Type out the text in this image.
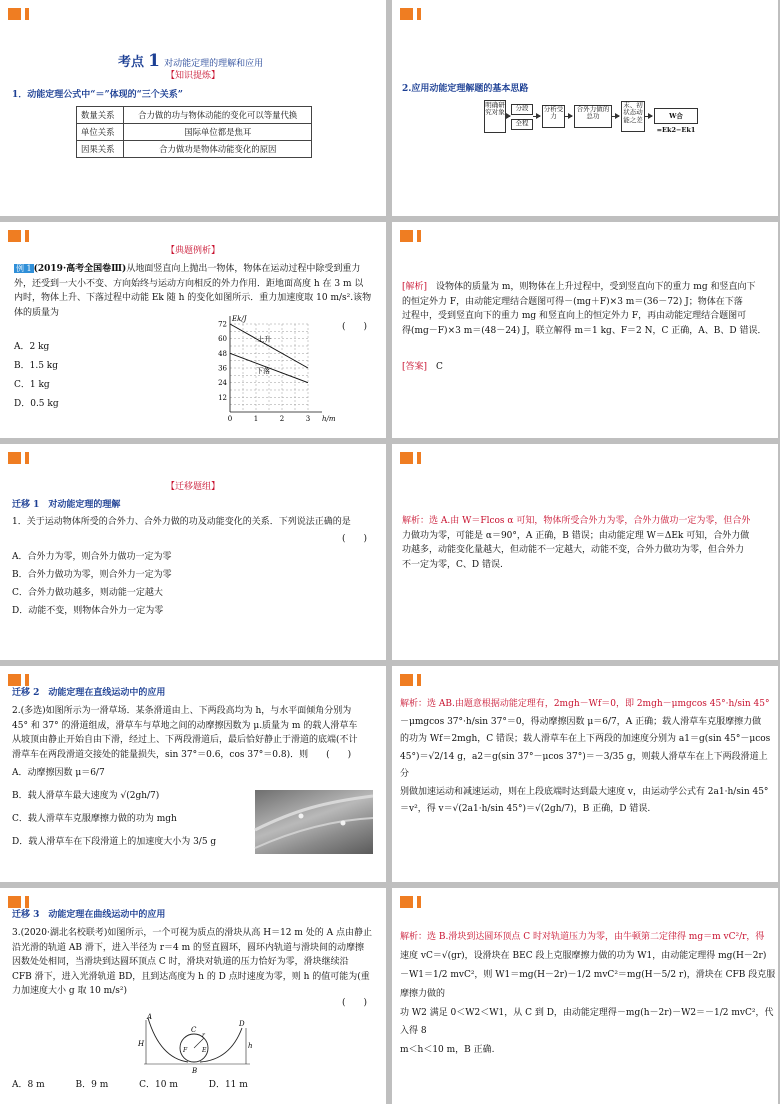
考点 1 对动能定理的理解和应用
【知识提炼】
1．动能定理公式中“＝”体现的“三个关系”
数量关系	合力做的功与物体动能的变化可以等量代换
单位关系	国际单位都是焦耳
因果关系	合力做功是物体动能变化的原因
2.应用动能定理解题的基本思路
明确研究对象
分段
全程
分析受力
合外力做的总功
末、初状态动能之差	W合=Ek2−Ek1
【典题例析】
例 1 (2019·高考全国卷Ⅲ)从地面竖直向上抛出一物体，物体在运动过程中除受到重力
外，还受到一大小不变、方向始终与运动方向相反的外力作用．距地面高度 h 在 3 m 以
内时，物体上升、下落过程中动能 Ek 随 h 的变化如图所示．重力加速度取 10 m/s².该物
体的质量为
(　　)
A．2 kg
B．1.5 kg
C．1 kg
D．0.5 kg
72
60
48
36
24
12
0	1	2	3
Ek/J
h/m
上升
下落
[解析]　 设物体的质量为 m，则物体在上升过程中，受到竖直向下的重力 mg 和竖直向下
的恒定外力 F，由动能定理结合题图可得－(mg＋F)×3 m＝(36－72) J；物体在下落
过程中，受到竖直向下的重力 mg 和竖直向上的恒定外力 F，再由动能定理结合题图可
得(mg－F)×3 m＝(48－24) J，联立解得 m＝1 kg、F＝2 N，C 正确，A、B、D 错误．
[答案]　 C
【迁移题组】
迁移 1　对动能定理的理解
1．关于运动物体所受的合外力、合外力做的功及动能变化的关系．下列说法正确的是
(　　)
A．合外力为零，则合外力做功一定为零
B．合外力做功为零，则合外力一定为零
C．合外力做功越多，则动能一定越大
D．动能不变，则物体合外力一定为零
解析：选 A.由 W＝Flcos α 可知，物体所受合外力为零，合外力做功一定为零，但合外
力做功为零，可能是 α＝90°，A 正确，B 错误；由动能定理 W＝ΔEk 可知，合外力做
功越多，动能变化量越大，但动能不一定越大，动能不变，合外力做功为零，但合外力
不一定为零，C、D 错误.
迁移 2　动能定理在直线运动中的应用
2.(多选)如图所示为一滑草场．某条滑道由上、下两段高均为 h，与水平面倾角分别为
45° 和 37° 的滑道组成，滑草车与草地之间的动摩擦因数为 μ.质量为 m 的载人滑草车
从坡顶由静止开始自由下滑，经过上、下两段滑道后，最后恰好静止于滑道的底端(不计
滑草车在两段滑道交接处的能量损失，sin 37°＝0.6，cos 37°＝0.8)．则　　(　　)
A．动摩擦因数 μ＝6/7
B．载人滑草车最大速度为 √(2gh/7)
C．载人滑草车克服摩擦力做的功为 mgh
D．载人滑草车在下段滑道上的加速度大小为 3/5 g
解析：选 AB.由题意根据动能定理有，2mgh－Wf＝0，即 2mgh－μmgcos 45°·h/sin 45°
－μmgcos 37°·h/sin 37°＝0，得动摩擦因数 μ＝6/7，A 正确；载人滑草车克服摩擦力做
的功为 Wf＝2mgh，C 错误；载人滑草车在上下两段的加速度分别为 a1＝g(sin 45°－μcos
45°)＝√2/14 g，a2＝g(sin 37°－μcos 37°)＝－3/35 g，则载人滑草车在上下两段滑道上分
别做加速运动和减速运动，则在上段底端时达到最大速度 v，由运动学公式有 2a1·h/sin 45°
＝v²，得 v＝√(2a1·h/sin 45°)＝√(2gh/7)，B 正确，D 错误.
迁移 3　动能定理在曲线运动中的应用
3.(2020·湖北名校联考)如图所示，一个可视为质点的滑块从高 H＝12 m 处的 A 点由静止
沿光滑的轨道 AB 滑下，进入半径为 r＝4 m 的竖直圆环，圆环内轨道与滑块间的动摩擦
因数处处相同，当滑块到达圆环顶点 C 时，滑块对轨道的压力恰好为零，滑块继续沿
CFB 滑下，进入光滑轨道 BD，且到达高度为 h 的 D 点时速度为零，则 h 的值可能为(重
力加速度大小 g 取 10 m/s²)
(　　)
A
H
C
r
F E
B
D
h
A．8 m	B．9 m	C．10 m	D．11 m
解析：选 B.滑块到达圆环顶点 C 时对轨道压力为零，由牛顿第二定律得 mg＝m vC²/r，得
速度 vC＝√(gr)，设滑块在 BEC 段上克服摩擦力做的功为 W1，由动能定理得 mg(H－2r)
－W1＝1/2 mvC²，则 W1＝mg(H－2r)－1/2 mvC²＝mg(H－5/2 r)，滑块在 CFB 段克服摩擦力做的
功 W2 满足 0＜W2＜W1，从 C 到 D，由动能定理得－mg(h－2r)－W2＝－1/2 mvC²，代入得 8
m＜h＜10 m，B 正确.
